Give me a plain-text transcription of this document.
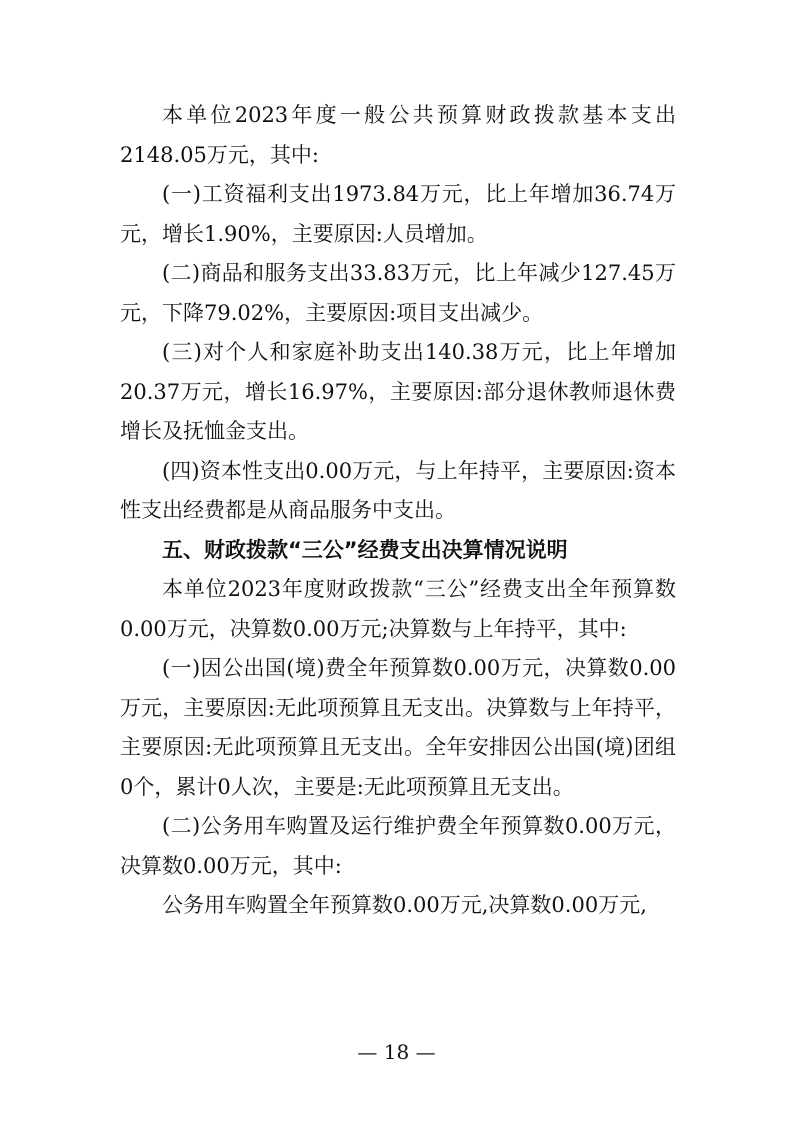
本单位2023年度一般公共预算财政拨款基本支出2148.05万元，其中:

(一)工资福利支出1973.84万元，比上年增加36.74万元，增长1.90%，主要原因:人员增加。

(二)商品和服务支出33.83万元，比上年减少127.45万元，下降79.02%，主要原因:项目支出减少。

(三)对个人和家庭补助支出140.38万元，比上年增加20.37万元，增长16.97%，主要原因:部分退休教师退休费增长及抚恤金支出。

(四)资本性支出0.00万元，与上年持平，主要原因:资本性支出经费都是从商品服务中支出。

五、财政拨款“三公”经费支出决算情况说明

本单位2023年度财政拨款“三公”经费支出全年预算数0.00万元，决算数0.00万元;决算数与上年持平，其中:

(一)因公出国(境)费全年预算数0.00万元，决算数0.00万元，主要原因:无此项预算且无支出。决算数与上年持平，主要原因:无此项预算且无支出。全年安排因公出国(境)团组0个，累计0人次，主要是:无此项预算且无支出。

(二)公务用车购置及运行维护费全年预算数0.00万元，决算数0.00万元，其中:

公务用车购置全年预算数0.00万元,决算数0.00万元,

— 18 —
